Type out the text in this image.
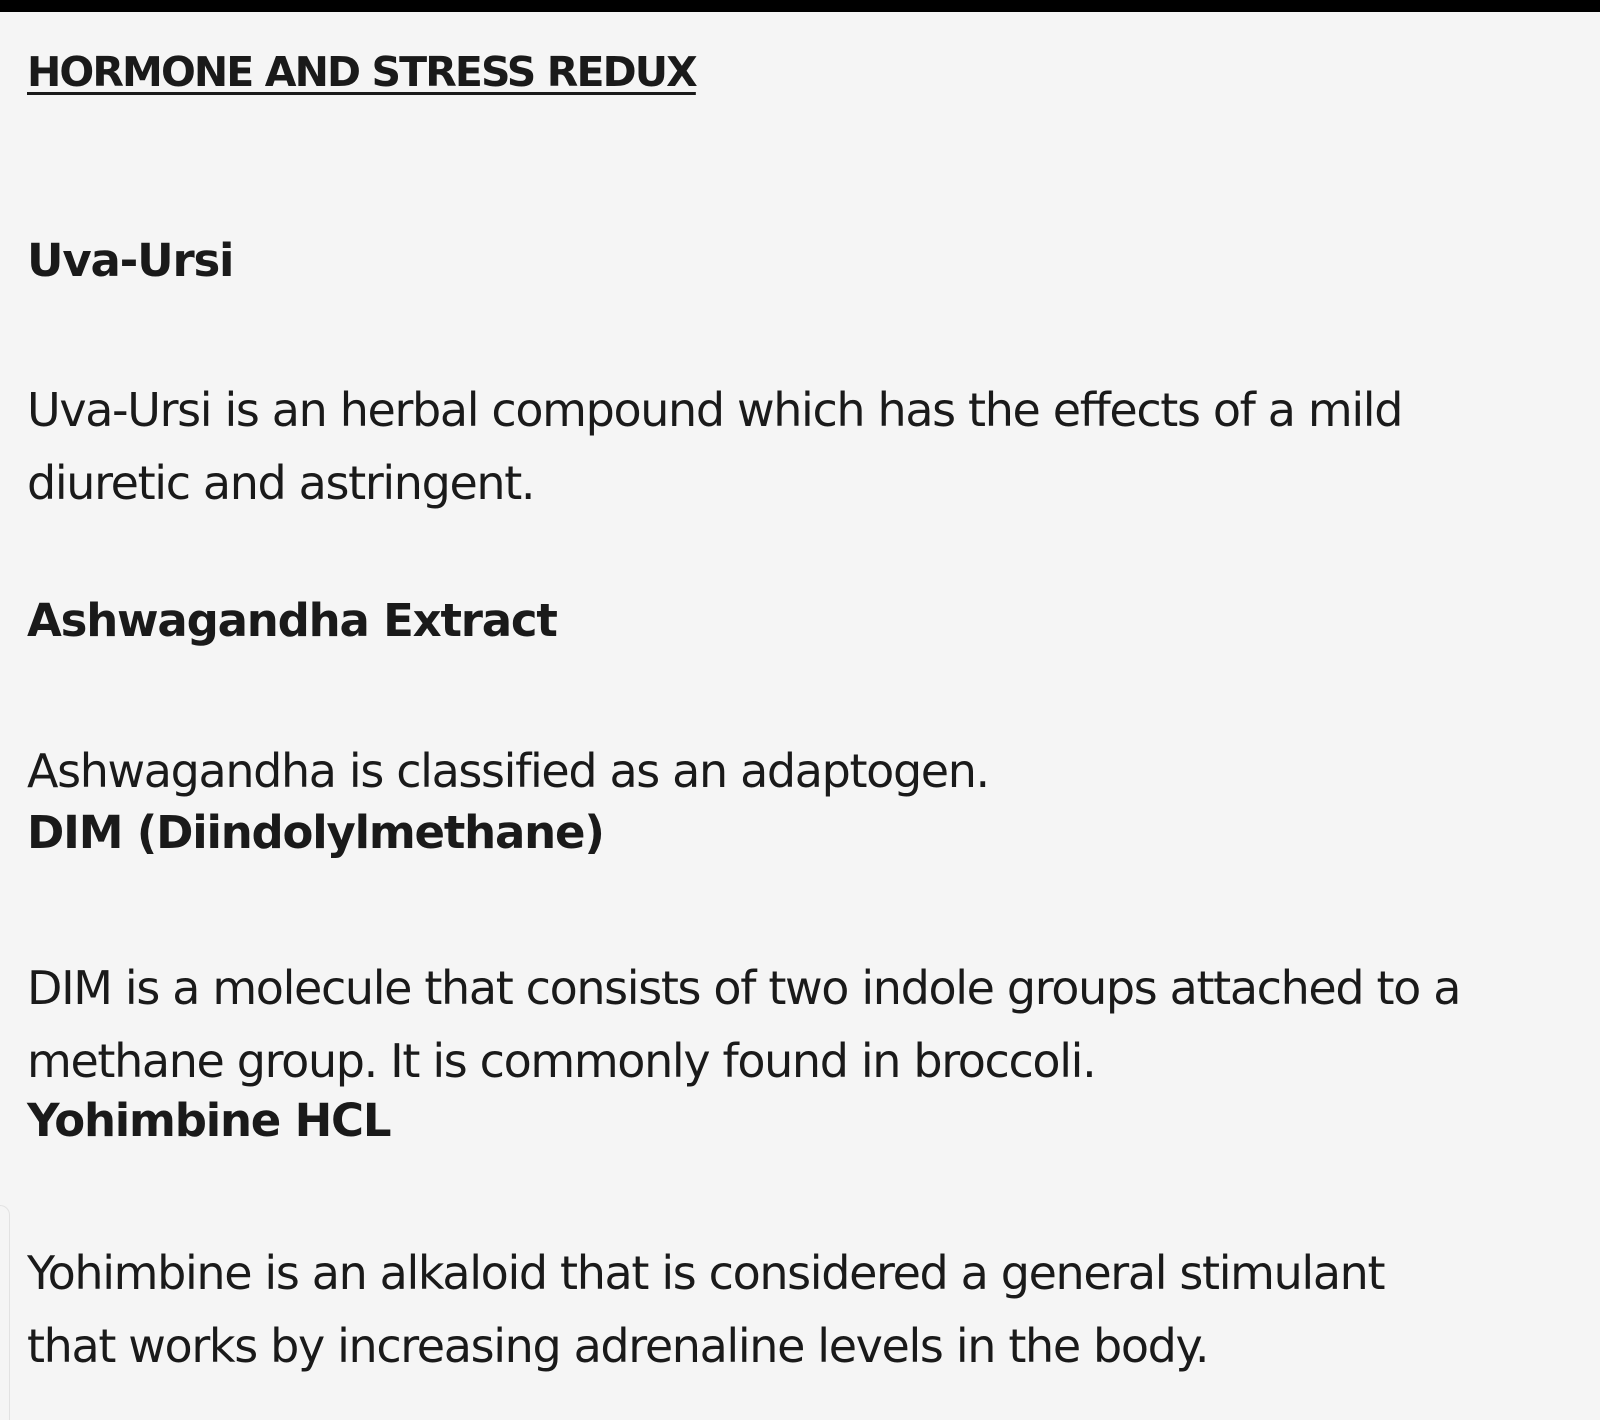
HORMONE AND STRESS REDUX
Uva-Ursi
Uva-Ursi is an herbal compound which has the effects of a mild
diuretic and astringent.
Ashwagandha Extract
Ashwagandha is classified as an adaptogen.
DIM (Diindolylmethane)
DIM is a molecule that consists of two indole groups attached to a
methane group. It is commonly found in broccoli.
Yohimbine HCL
Yohimbine is an alkaloid that is considered a general stimulant
that works by increasing adrenaline levels in the body.
